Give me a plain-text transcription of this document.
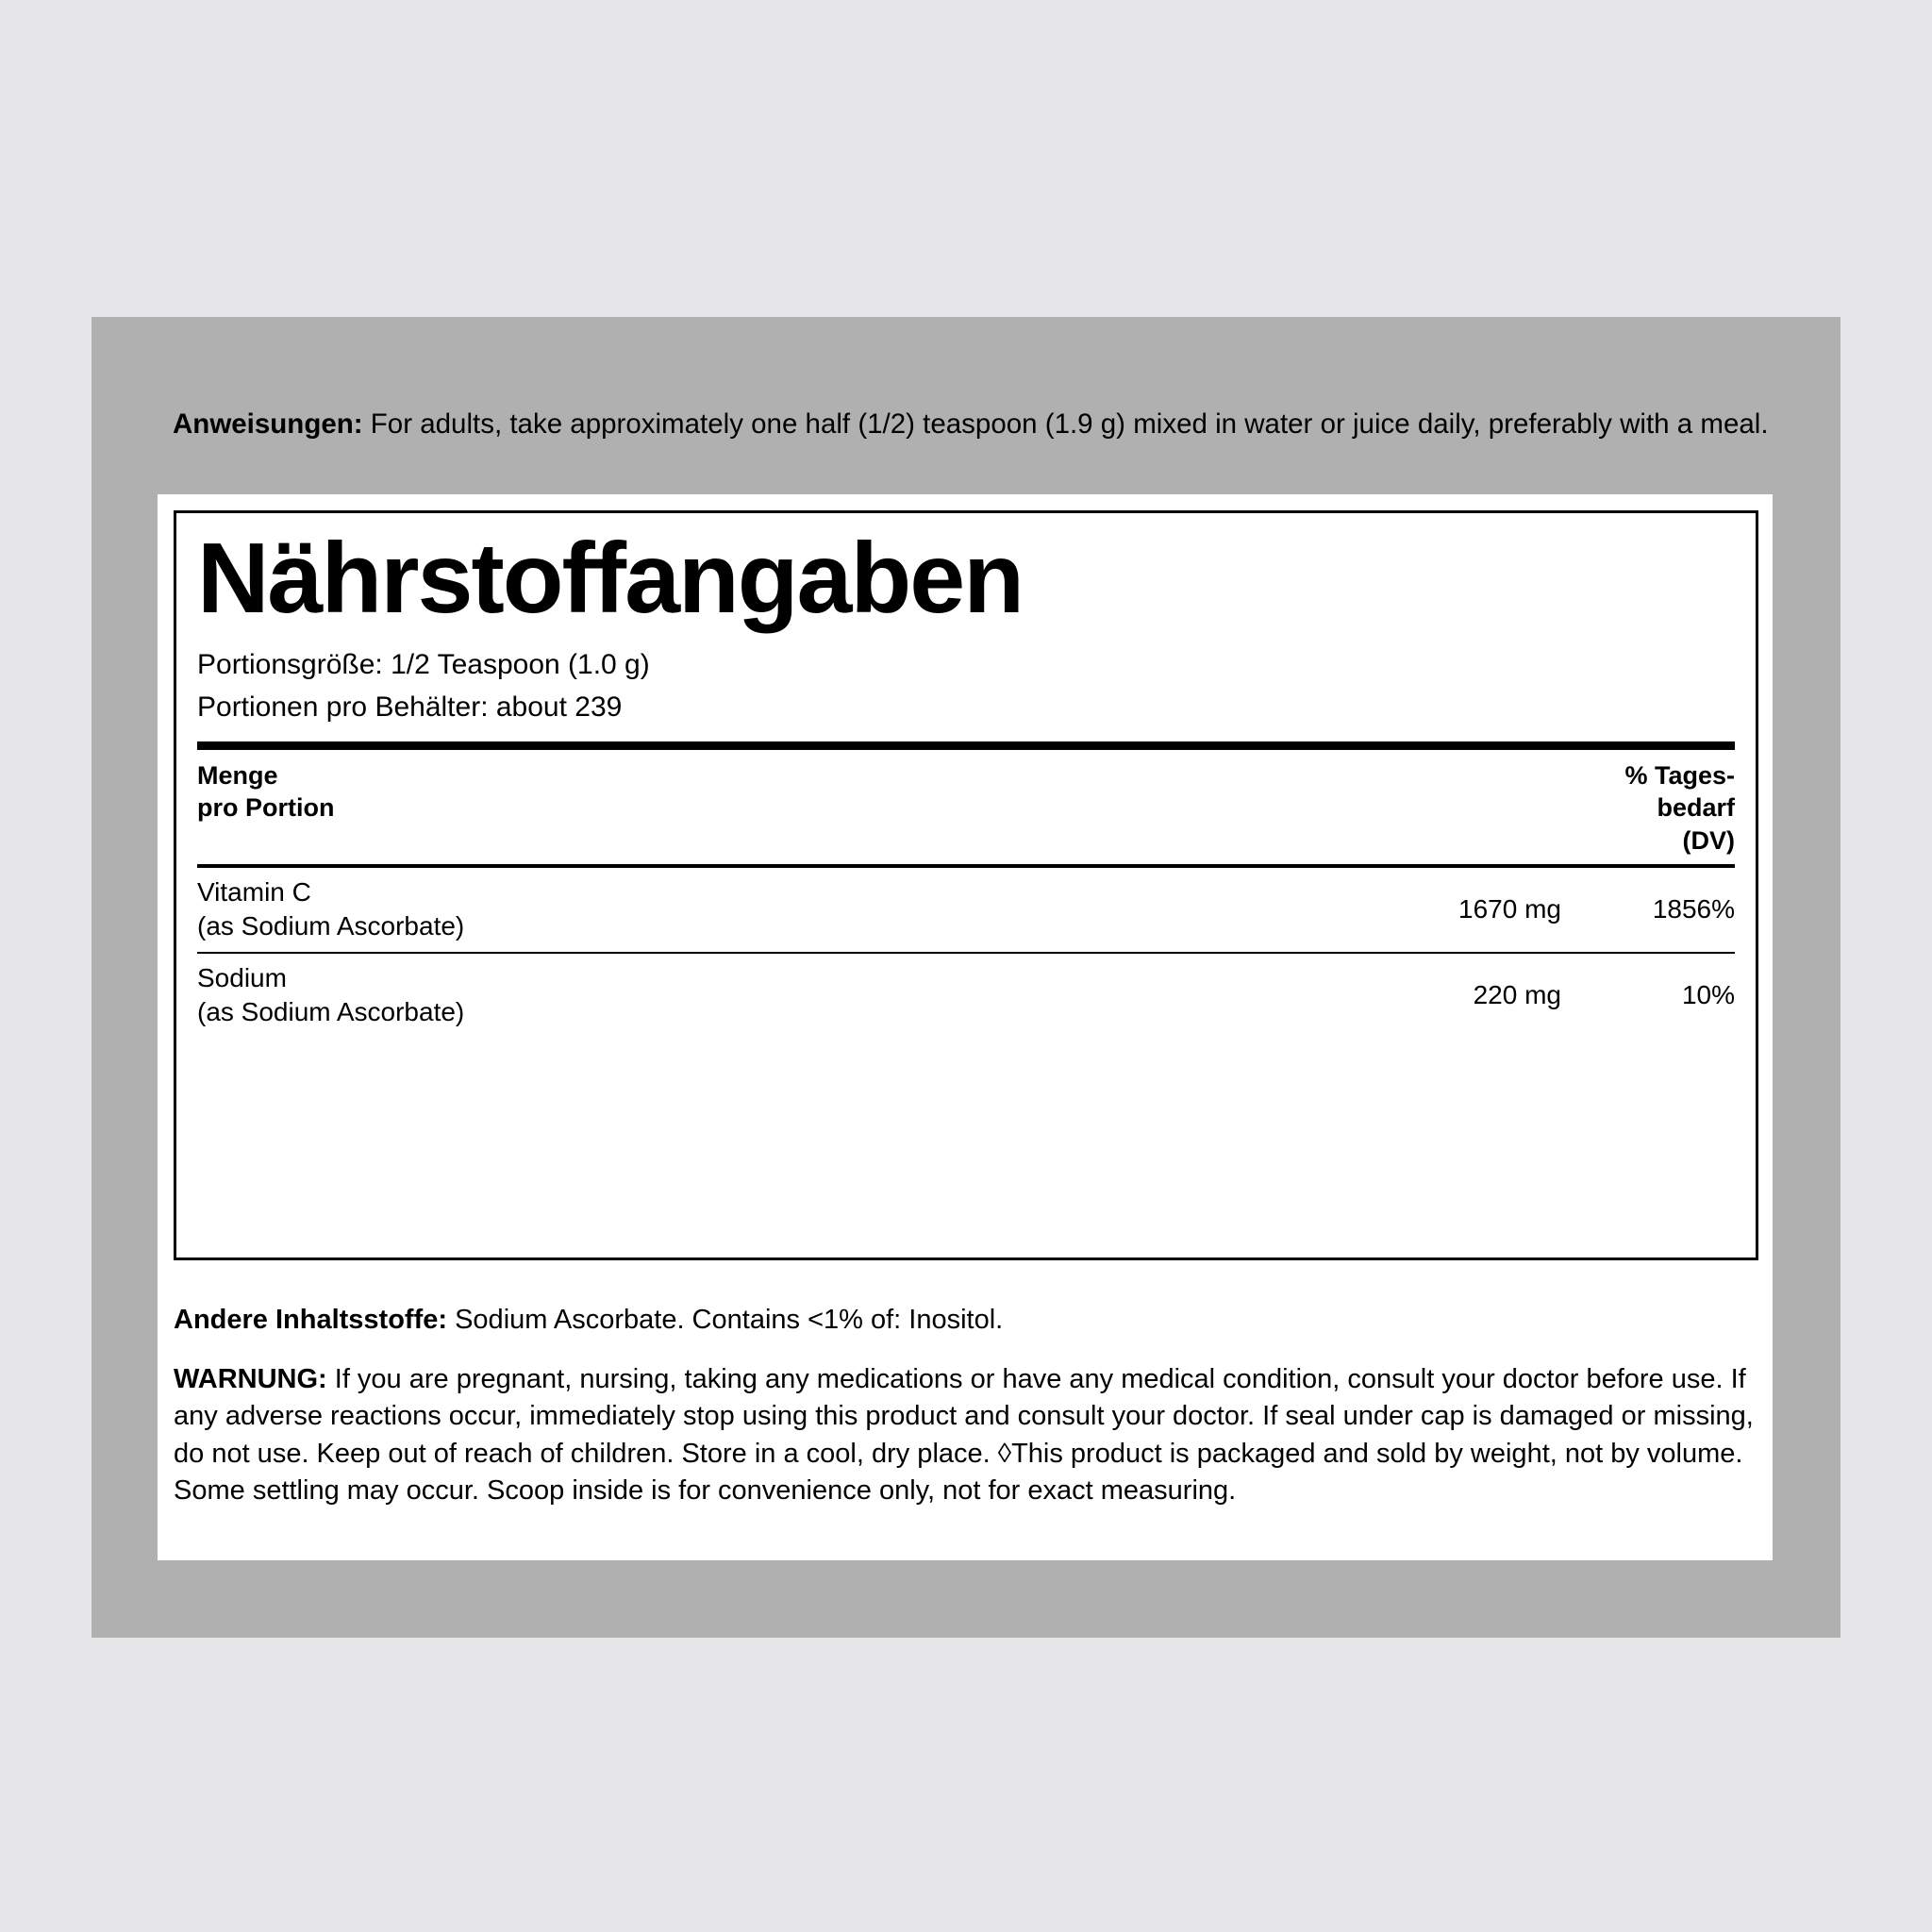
Anweisungen: For adults, take approximately one half (1/2) teaspoon (1.9 g) mixed in water or juice daily, preferably with a meal.

Nährstoffangaben
Portionsgröße: 1/2 Teaspoon (1.0 g)
Portionen pro Behälter: about 239
Menge
pro Portion
% Tages-
bedarf
(DV)
Vitamin C
(as Sodium Ascorbate)
1670 mg	1856%
Sodium
(as Sodium Ascorbate)
220 mg	10%

Andere Inhaltsstoffe: Sodium Ascorbate. Contains <1% of: Inositol.

WARNUNG: If you are pregnant, nursing, taking any medications or have any medical condition, consult your doctor before use. If any adverse reactions occur, immediately stop using this product and consult your doctor. If seal under cap is damaged or missing, do not use. Keep out of reach of children. Store in a cool, dry place. ◊This product is packaged and sold by weight, not by volume. Some settling may occur. Scoop inside is for convenience only, not for exact measuring.
